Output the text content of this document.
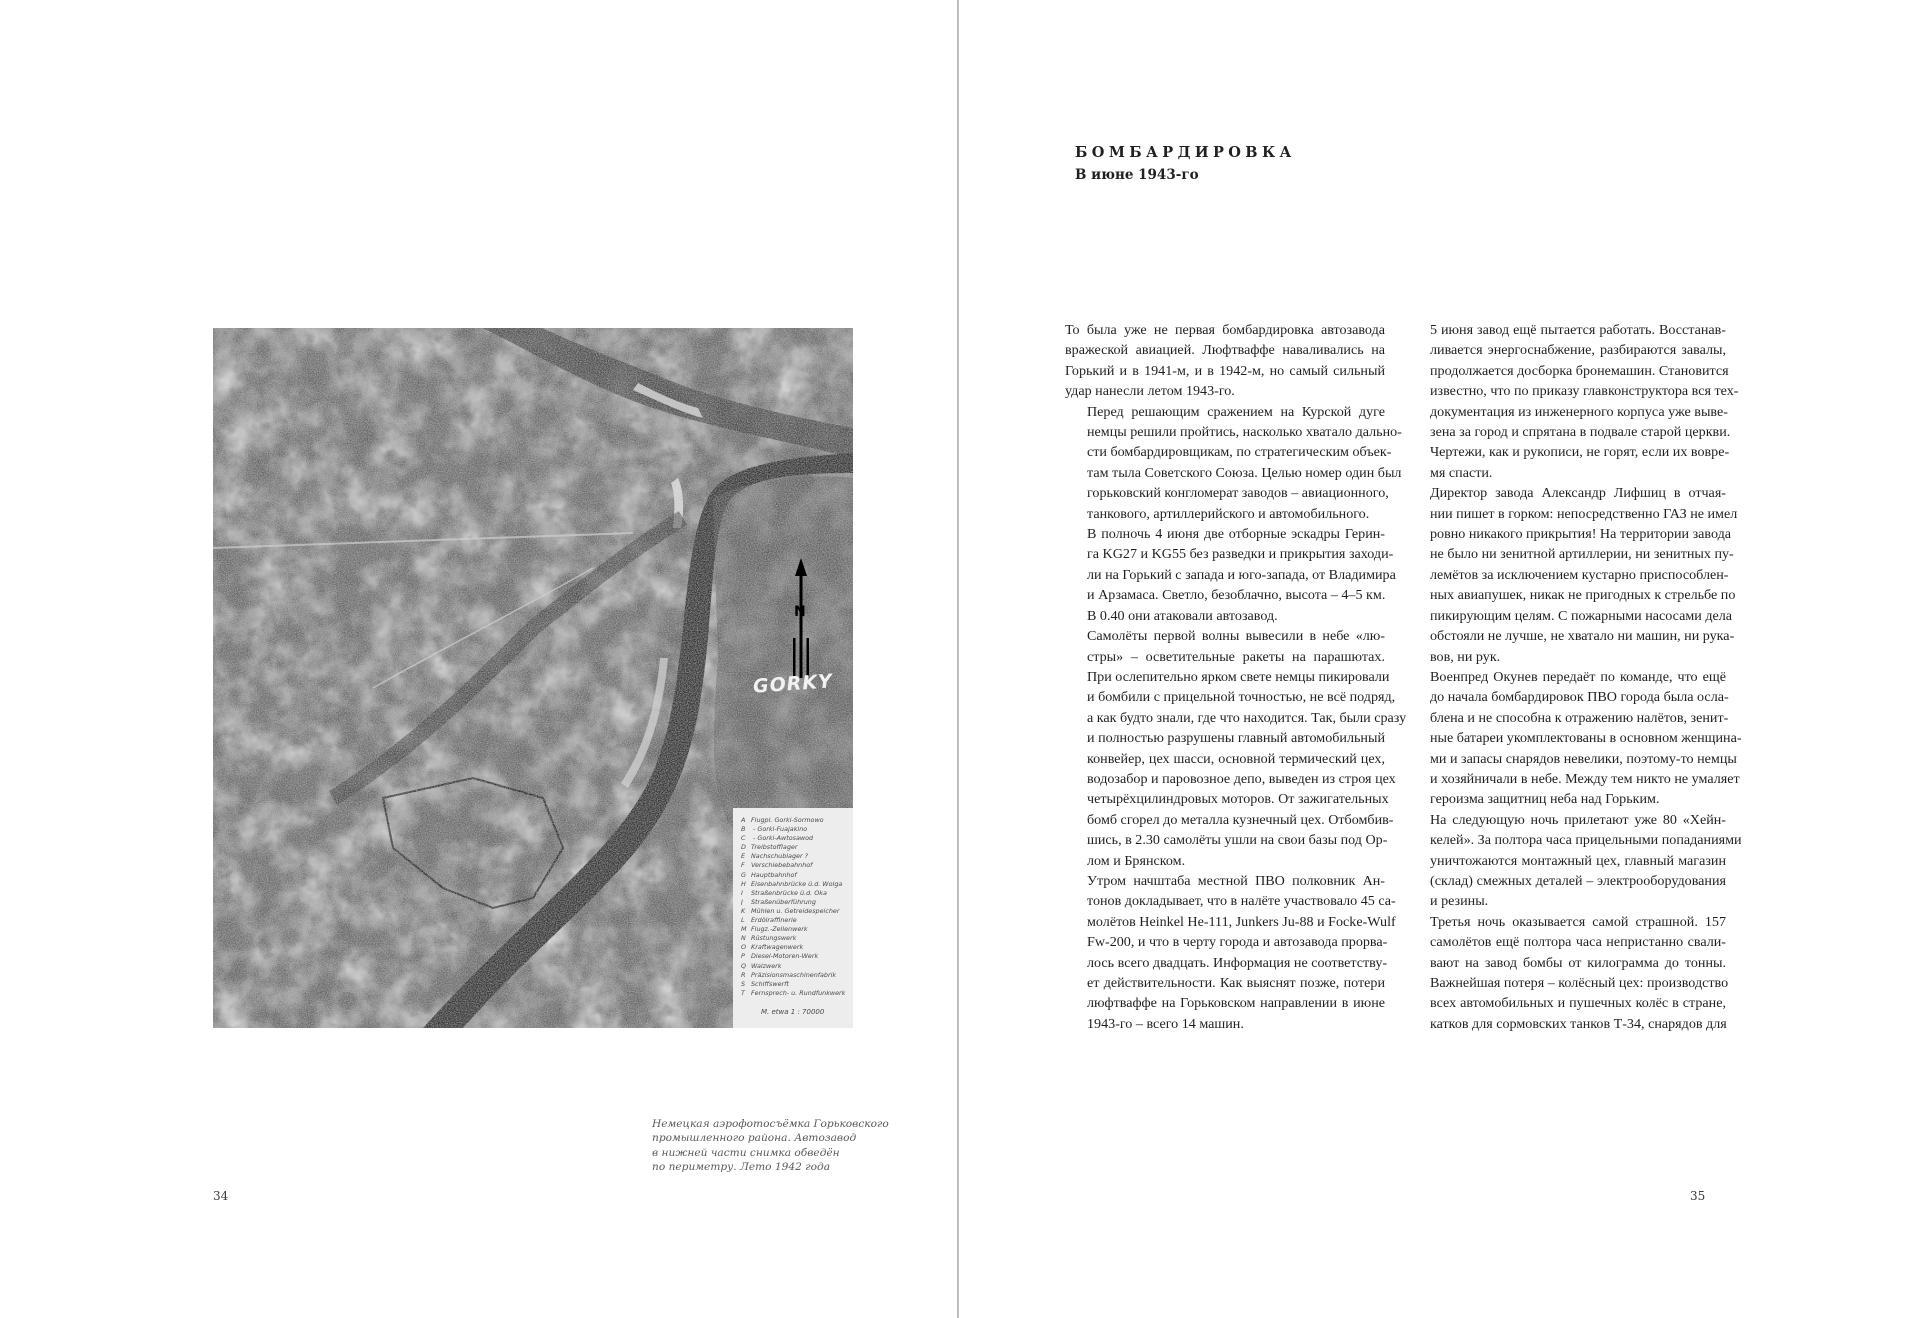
N
GORKY
A Flugpl. Gorki-Sormowo
B - Gorki-Fuajakino
C - Gorki-Awtosawod
D Treibstofflager
E Nachschublager ?
F Verschiebebahnhof
G Hauptbahnhof
H Eisenbahnbrücke ü.d. Wolga
I Straßenbrücke ü.d. Oka
J Straßenüberführung
K Mühlen u. Getreidespeicher
L Erdölraffinerie
M Flugz.-Zellenwerk
N Rüstungswerk
O Kraftwagenwerk
P Diesel-Motoren-Werk
Q Walzwerk
R Präzisionsmaschinenfabrik
S Schiffswerft
T Fernsprech- u. Rundfunkwerk
M. etwa 1 : 70000
Немецкая аэрофотосъёмка Горьковского
промышленного района. Автозавод
в нижней части снимка обведён
по периметру. Лето 1942 года
34
БОМБАРДИРОВКА
В июне 1943-го
То была уже не первая бомбардировка автозавода
вражеской авиацией. Люфтваффе наваливались на
Горький и в 1941-м, и в 1942-м, но самый сильный
удар нанесли летом 1943-го.
Перед решающим сражением на Курской дуге
немцы решили пройтись, насколько хватало дально-
сти бомбардировщикам, по стратегическим объек-
там тыла Советского Союза. Целью номер один был
горьковский конгломерат заводов – авиационного,
танкового, артиллерийского и автомобильного.
В полночь 4 июня две отборные эскадры Герин-
га KG27 и KG55 без разведки и прикрытия заходи-
ли на Горький с запада и юго-запада, от Владимира
и Арзамаса. Светло, безоблачно, высота – 4–5 км.
В 0.40 они атаковали автозавод.
Самолёты первой волны вывесили в небе «лю-
стры» – осветительные ракеты на парашютах.
При ослепительно ярком свете немцы пикировали
и бомбили с прицельной точностью, не всё подряд,
а как будто знали, где что находится. Так, были сразу
и полностью разрушены главный автомобильный
конвейер, цех шасси, основной термический цех,
водозабор и паровозное депо, выведен из строя цех
четырёхцилиндровых моторов. От зажигательных
бомб сгорел до металла кузнечный цех. Отбомбив-
шись, в 2.30 самолёты ушли на свои базы под Ор-
лом и Брянском.
Утром начштаба местной ПВО полковник Ан-
тонов докладывает, что в налёте участвовало 45 са-
молётов Heinkel He-111, Junkers Ju-88 и Focke-Wulf
Fw-200, и что в черту города и автозавода прорва-
лось всего двадцать. Информация не соответству-
ет действительности. Как выяснят позже, потери
люфтваффе на Горьковском направлении в июне
1943-го – всего 14 машин.
5 июня завод ещё пытается работать. Восстанав-
ливается энергоснабжение, разбираются завалы,
продолжается досборка бронемашин. Становится
известно, что по приказу главконструктора вся тех-
документация из инженерного корпуса уже выве-
зена за город и спрятана в подвале старой церкви.
Чертежи, как и рукописи, не горят, если их вовре-
мя спасти.
Директор завода Александр Лифшиц в отчая-
нии пишет в горком: непосредственно ГАЗ не имел
ровно никакого прикрытия! На территории завода
не было ни зенитной артиллерии, ни зенитных пу-
лемётов за исключением кустарно приспособлен-
ных авиапушек, никак не пригодных к стрельбе по
пикирующим целям. С пожарными насосами дела
обстояли не лучше, не хватало ни машин, ни рука-
вов, ни рук.
Военпред Окунев передаёт по команде, что ещё
до начала бомбардировок ПВО города была осла-
блена и не способна к отражению налётов, зенит-
ные батареи укомплектованы в основном женщина-
ми и запасы снарядов невелики, поэтому-то немцы
и хозяйничали в небе. Между тем никто не умаляет
героизма защитниц неба над Горьким.
На следующую ночь прилетают уже 80 «Хейн-
келей». За полтора часа прицельными попаданиями
уничтожаются монтажный цех, главный магазин
(склад) смежных деталей – электрооборудования
и резины.
Третья ночь оказывается самой страшной. 157
самолётов ещё полтора часа непристанно свали-
вают на завод бомбы от килограмма до тонны.
Важнейшая потеря – колёсный цех: производство
всех автомобильных и пушечных колёс в стране,
катков для сормовских танков Т-34, снарядов для
35
